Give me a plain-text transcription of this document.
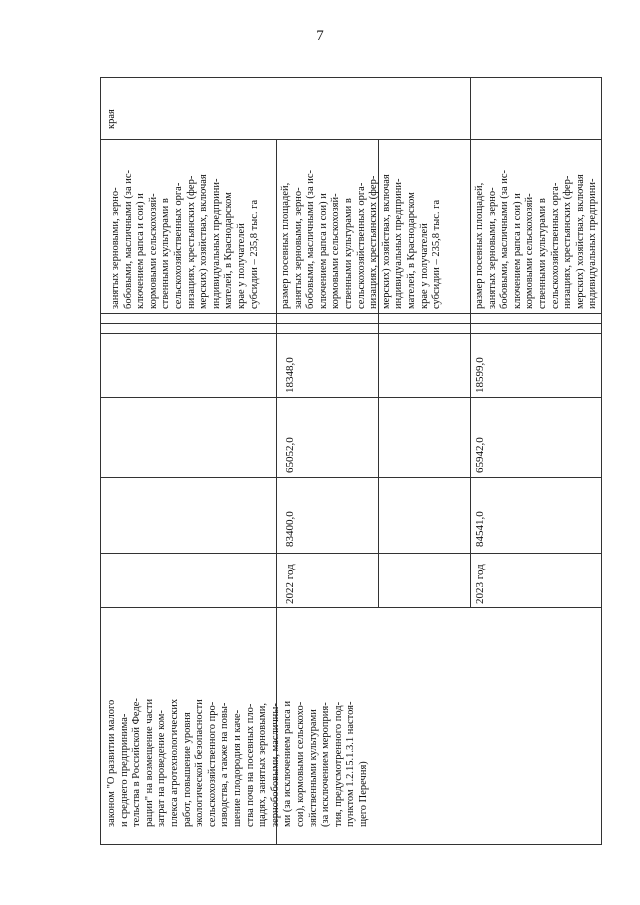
7
края
занятых зерновыми, зерно-
бобовыми, масличными (за ис-
ключением рапса и сои) и
кормовыми сельскохозяй-
ственными культурами в
сельскохозяйственных орга-
низациях, крестьянских (фер-
мерских) хозяйствах, включая
индивидуальных предприни-
мателей, в Краснодарском
крае у получателей
субсидии – 235,8 тыс. га
размер посевных площадей,
занятых зерновыми, зерно-
бобовыми, масличными (за ис-
ключением рапса и сои) и
кормовыми сельскохозяй-
ственными культурами в
сельскохозяйственных орга-
низациях, крестьянских (фер-
мерских) хозяйствах, включая
индивидуальных предприни-
мателей, в Краснодарском
крае у получателей
субсидии – 235,8 тыс. га
18348,0
65052,0
83400,0
2022 год
размер посевных площадей,
занятых зерновыми, зерно-
бобовыми, масличными (за ис-
ключением рапса и сои) и
кормовыми сельскохозяй-
ственными культурами в
сельскохозяйственных орга-
низациях, крестьянских (фер-
мерских) хозяйствах, включая
индивидуальных предприни-
18599,0
65942,0
84541,0
2023 год
законом "О развитии малого
и среднего предпринима-
тельства в Российской Феде-
рации" на возмещение части
затрат на проведение ком-
плекса агротехнологических
работ, повышение уровня
экологической безопасности
сельскохозяйственного про-
изводства, а также на повы-
шение плодородия и каче-
ства почв на посевных пло-
щадях, занятых зерновыми,
зернобобовыми, масличны-
ми (за исключением рапса и
сои), кормовыми сельскохо-
зяйственными культурами
(за исключением мероприя-
тия, предусмотренного под-
пунктом 1.2.15.1.3.1 настоя-
щего Перечня)
